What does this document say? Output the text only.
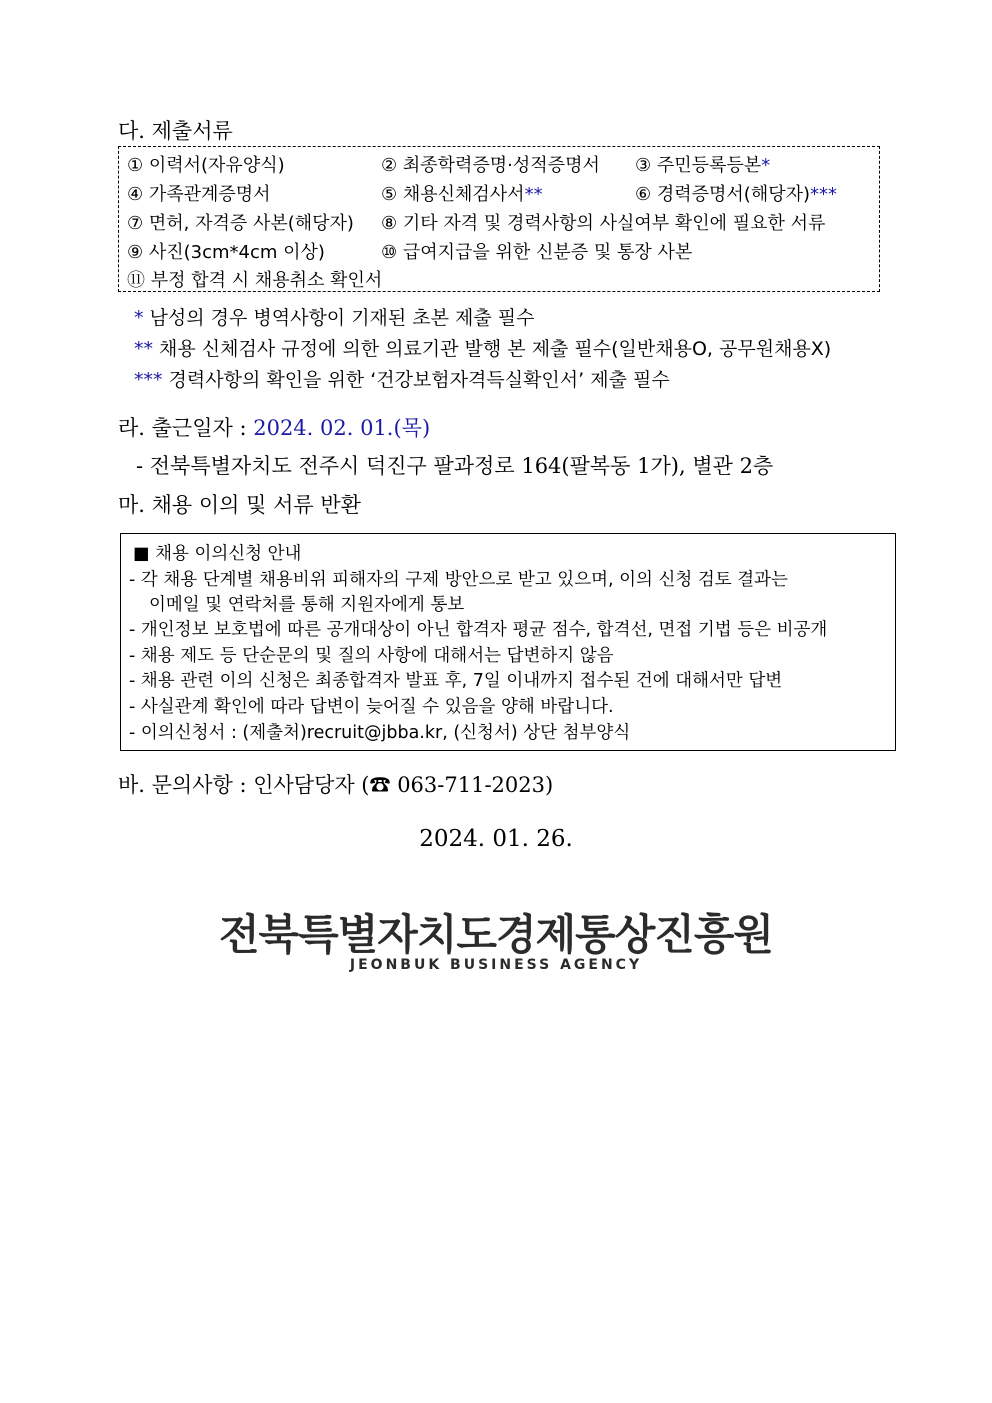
다. 제출서류
① 이력서(자유양식)	② 최종학력증명·성적증명서 ③ 주민등록등본*
④ 가족관계증명서	⑤ 채용신체검사서**	⑥ 경력증명서(해당자)***
⑦ 면허, 자격증 사본(해당자) ⑧ 기타 자격 및 경력사항의 사실여부 확인에 필요한 서류
⑨ 사진(3cm*4cm 이상)	⑩ 급여지급을 위한 신분증 및 통장 사본
⑪ 부정 합격 시 채용취소 확인서
* 남성의 경우 병역사항이 기재된 초본 제출 필수
** 채용 신체검사 규정에 의한 의료기관 발행 본 제출 필수(일반채용O, 공무원채용X)
*** 경력사항의 확인을 위한 ‘건강보험자격득실확인서’ 제출 필수
라. 출근일자 : 2024. 02. 01.(목)
- 전북특별자치도 전주시 덕진구 팔과정로 164(팔복동 1가), 별관 2층
마. 채용 이의 및 서류 반환
■ 채용 이의신청 안내
- 각 채용 단계별 채용비위 피해자의 구제 방안으로 받고 있으며, 이의 신청 검토 결과는
이메일 및 연락처를 통해 지원자에게 통보
- 개인정보 보호법에 따른 공개대상이 아닌 합격자 평균 점수, 합격선, 면접 기법 등은 비공개
- 채용 제도 등 단순문의 및 질의 사항에 대해서는 답변하지 않음
- 채용 관련 이의 신청은 최종합격자 발표 후, 7일 이내까지 접수된 건에 대해서만 답변
- 사실관계 확인에 따라 답변이 늦어질 수 있음을 양해 바랍니다.
- 이의신청서 : (제출처)recruit@jbba.kr, (신청서) 상단 첨부양식
바. 문의사항 : 인사담당자 (☎ 063-711-2023)
2024. 01. 26.
전북특별자치도경제통상진흥원
JEONBUK BUSINESS AGENCY
